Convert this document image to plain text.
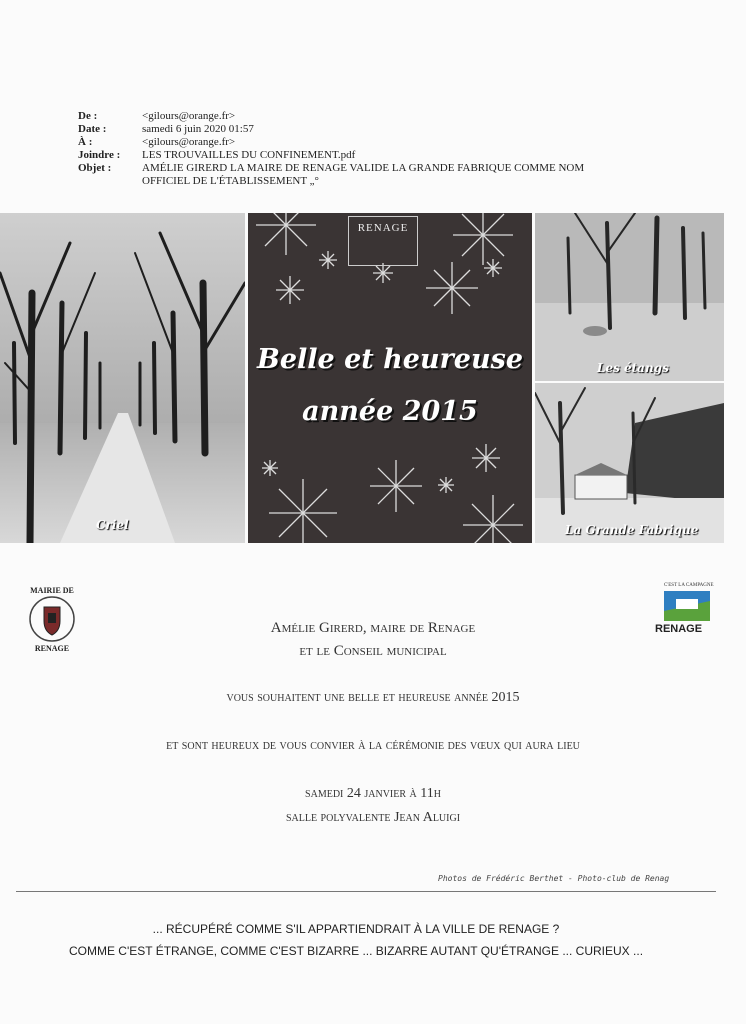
De :	<gilours@orange.fr>
Date :	samedi 6 juin 2020 01:57
À :	<gilours@orange.fr>
Joindre :	LES TROUVAILLES DU CONFINEMENT.pdf
Objet :	AMÉLIE GIRERD LA MAIRE DE RENAGE VALIDE LA GRANDE FABRIQUE COMME NOM
OFFICIEL DE L'ÉTABLISSEMENT „°
Criel
RENAGE
Belle et heureuse
année 2015
Les étangs
La Grande Fabrique
MAIRIE DE
RENAGE
C'EST LA CAMPAGNE
RENAGE
Amélie Girerd, maire de Renage
et le Conseil municipal
vous souhaitent une belle et heureuse année 2015
et sont heureux de vous convier à la cérémonie des vœux qui aura lieu
samedi 24 janvier à 11h
salle polyvalente Jean Aluigi
Photos de Frédéric Berthet - Photo-club de Renag
... RÉCUPÉRÉ COMME S'IL APPARTIENDRAIT À LA VILLE DE RENAGE ?
COMME C'EST ÉTRANGE, COMME C'EST BIZARRE ... BIZARRE AUTANT QU'ÉTRANGE ... CURIEUX ...
